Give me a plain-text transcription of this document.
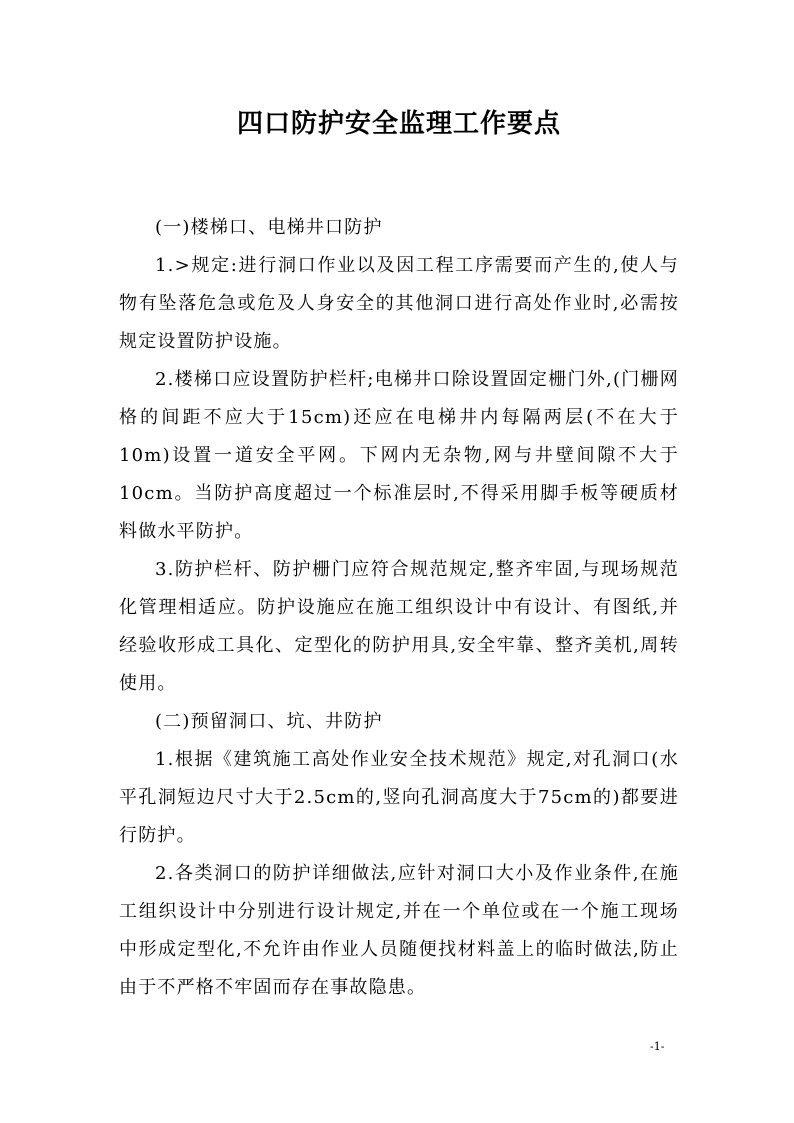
四口防护安全监理工作要点

(一)楼梯口、电梯井口防护

1.>规定:进行洞口作业以及因工程工序需要而产生的,使人与物有坠落危急或危及人身安全的其他洞口进行高处作业时,必需按规定设置防护设施。

2.楼梯口应设置防护栏杆;电梯井口除设置固定栅门外,(门栅网格的间距不应大于15cm)还应在电梯井内每隔两层(不在大于10m)设置一道安全平网。下网内无杂物,网与井壁间隙不大于10cm。当防护高度超过一个标准层时,不得采用脚手板等硬质材料做水平防护。

3.防护栏杆、防护栅门应符合规范规定,整齐牢固,与现场规范化管理相适应。防护设施应在施工组织设计中有设计、有图纸,并经验收形成工具化、定型化的防护用具,安全牢靠、整齐美机,周转使用。

(二)预留洞口、坑、井防护

1.根据《建筑施工高处作业安全技术规范》规定,对孔洞口(水平孔洞短边尺寸大于2.5cm的,竖向孔洞高度大于75cm的)都要进行防护。

2.各类洞口的防护详细做法,应针对洞口大小及作业条件,在施工组织设计中分别进行设计规定,并在一个单位或在一个施工现场中形成定型化,不允许由作业人员随便找材料盖上的临时做法,防止由于不严格不牢固而存在事故隐患。

-1-
